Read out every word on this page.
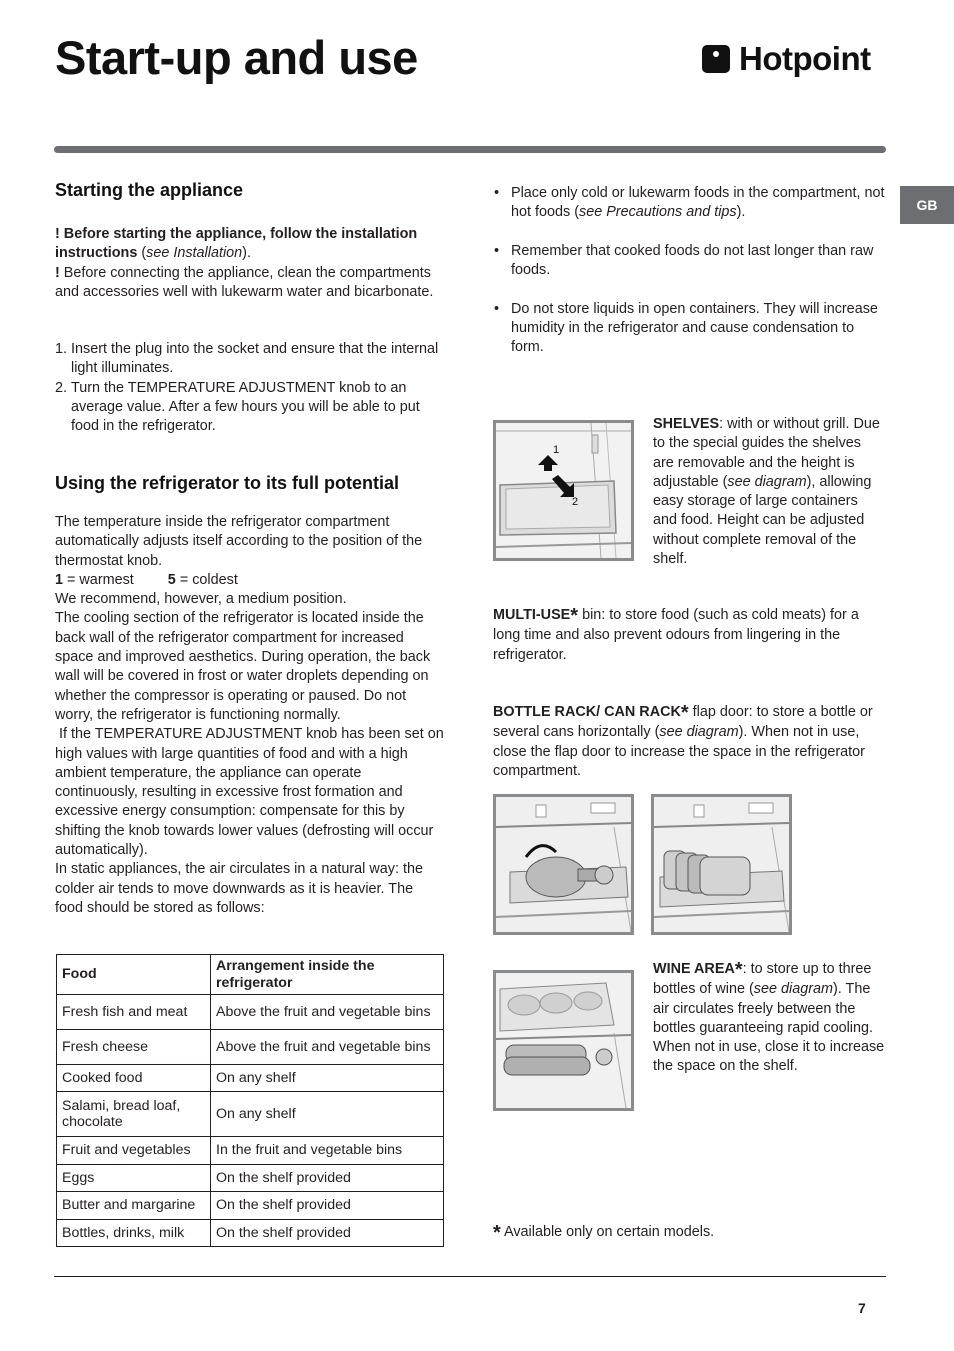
Start-up and use	Hotpoint
GB
Starting the appliance

! Before starting the appliance, follow the installation instructions (see Installation).

! Before connecting the appliance, clean the compartments and accessories well with lukewarm water and bicarbonate.

1. Insert the plug into the socket and ensure that the internal light illuminates.
2. Turn the TEMPERATURE ADJUSTMENT knob to an average value. After a few hours you will be able to put food in the refrigerator.
Using the refrigerator to its full potential

The temperature inside the refrigerator compartment automatically adjusts itself according to the position of the thermostat knob.

1 = warmest 5 = coldest

We recommend, however, a medium position.

The cooling section of the refrigerator is located inside the back wall of the refrigerator compartment for increased space and improved aesthetics. During operation, the back wall will be covered in frost or water droplets depending on whether the compressor is operating or paused. Do not worry, the refrigerator is functioning normally.

If the TEMPERATURE ADJUSTMENT knob has been set on high values with large quantities of food and with a high ambient temperature, the appliance can operate continuously, resulting in excessive frost formation and excessive energy consumption: compensate for this by shifting the knob towards lower values (defrosting will occur automatically).

In static appliances, the air circulates in a natural way: the colder air tends to move downwards as it is heavier. The food should be stored as follows:

Food	Arrangement inside the refrigerator
Fresh fish and meat	Above the fruit and vegetable bins
Fresh cheese	Above the fruit and vegetable bins
Cooked food	On any shelf
Salami, bread loaf, chocolate	On any shelf
Fruit and vegetables	In the fruit and vegetable bins
Eggs	On the shelf provided
Butter and margarine	On the shelf provided
Bottles, drinks, milk	On the shelf provided
• Place only cold or lukewarm foods in the compartment, not hot foods (see Precautions and tips).
• Remember that cooked foods do not last longer than raw foods.
• Do not store liquids in open containers. They will increase humidity in the refrigerator and cause condensation to form.
1
2

SHELVES: with or without grill. Due to the special guides the shelves are removable and the height is adjustable (see diagram), allowing easy storage of large containers and food. Height can be adjusted without complete removal of the shelf.

MULTI-USE* bin: to store food (such as cold meats) for a long time and also prevent odours from lingering in the refrigerator.

BOTTLE RACK/ CAN RACK* flap door: to store a bottle or several cans horizontally (see diagram). When not in use, close the flap door to increase the space in the refrigerator compartment.

WINE AREA*: to store up to three bottles of wine (see diagram). The air circulates freely between the bottles guaranteeing rapid cooling. When not in use, close it to increase the space on the shelf.

* Available only on certain models.

7
